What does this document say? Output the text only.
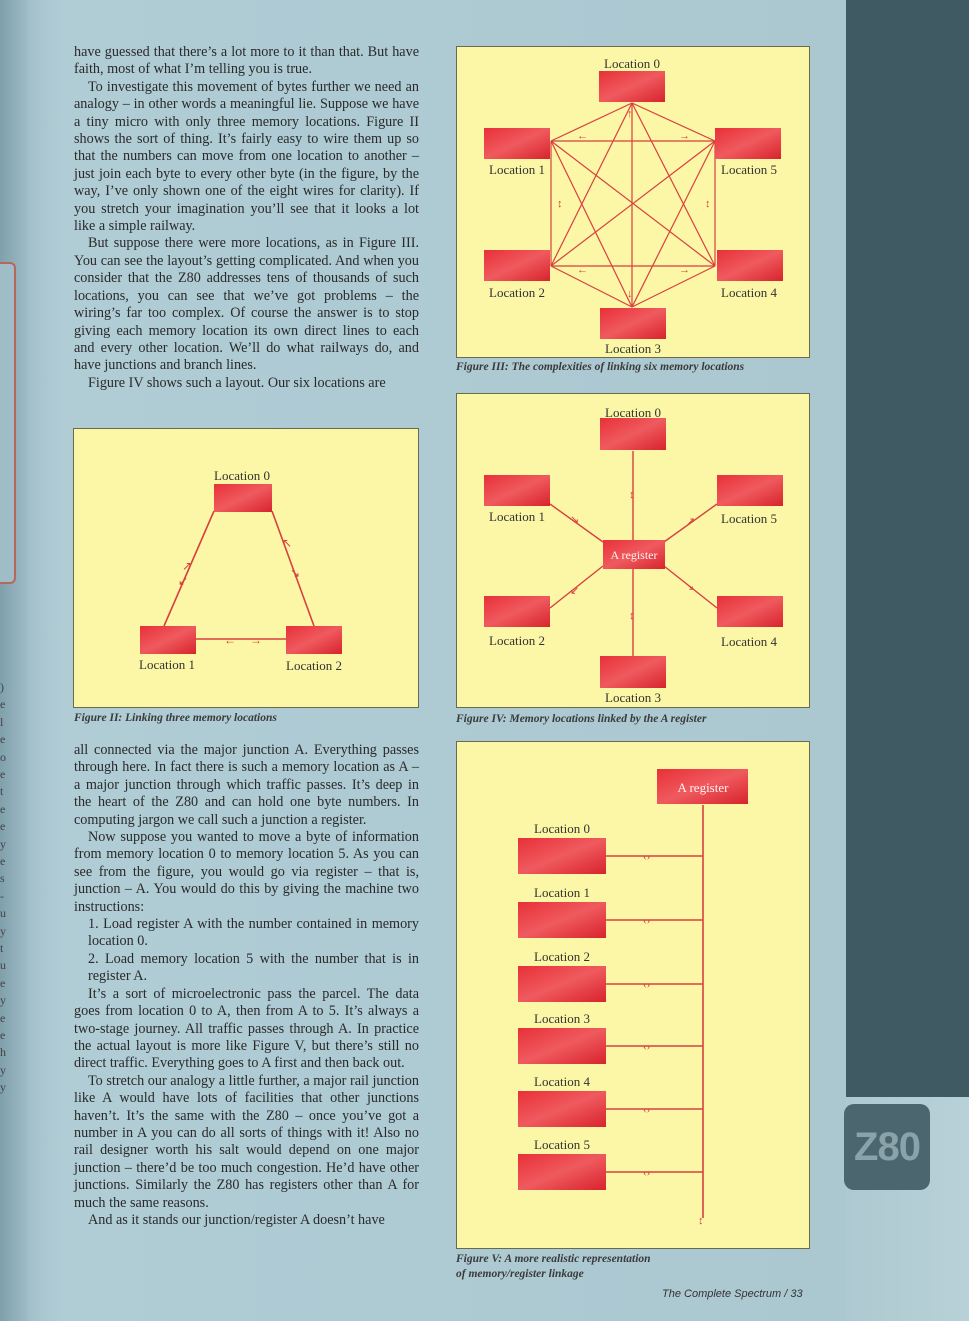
Z80
)
e
l
e
o
e
t
e
e
y
e
s
-
u
y
t
u
e
y
e
e
h
y
y

have guessed that there’s a lot more to it than that. But have faith, most of what I’m telling you is true.

To investigate this movement of bytes further we need an analogy – in other words a meaningful lie. Suppose we have a tiny micro with only three memory locations. Figure II shows the sort of thing. It’s fairly easy to wire them up so that the numbers can move from one location to another – just join each byte to every other byte (in the figure, by the way, I’ve only shown one of the eight wires for clarity). If you stretch your imagination you’ll see that it looks a lot like a simple railway.

But suppose there were more locations, as in Figure III. You can see the layout’s getting complicated. And when you consider that the Z80 addresses tens of thousands of such locations, you can see that we’ve got problems – the wiring’s far too complex. Of course the answer is to stop giving each memory location its own direct lines to each and every other location. We’ll do what railways do, and have junctions and branch lines.

Figure IV shows such a layout. Our six locations are

all connected via the major junction A. Everything passes through here. In fact there is such a memory location as A – a major junction through which traffic passes. It’s deep in the heart of the Z80 and can hold one byte numbers. In computing jargon we call such a junction a register.

Now suppose you wanted to move a byte of information from memory location 0 to memory location 5. As you can see from the figure, you would go via register – that is, junction – A. You would do this by giving the machine two instructions:

1. Load register A with the number contained in memory location 0.

2. Load memory location 5 with the number that is in register A.

It’s a sort of microelectronic pass the parcel. The data goes from location 0 to A, then from A to 5. It’s always a two-stage journey. All traffic passes through A. In practice the actual layout is more like Figure V, but there’s still no direct traffic. Everything goes to A first and then back out.

To stretch our analogy a little further, a major rail junction like A would have lots of facilities that other junctions haven’t. It’s the same with the Z80 – once you’ve got a number in A you can do all sorts of things with it! Also no rail designer worth his salt would depend on one major junction – there’d be too much congestion. He’d have other junctions. Similarly the Z80 has registers other than A for much the same reasons.

And as it stands our junction/register A doesn’t have

↗
↙
↖
↘
← →
Location 0
Location 1	Location 2
Figure II: Linking three memory locations
↑
←	→
↕	↕
↓
←	→
Location 0
Location 1	Location 5
Location 2	Location 4
Location 3
Figure III: The complexities of linking six memory locations
↕
↕
↘	↗
↙	↘
Location 0
Location 1	Location 5
A register
Location 2	Location 4
Location 3
Figure IV: Memory locations linked by the A register
‹›
‹›
‹›
‹›
‹›
‹›
↕
A register
Location 0
Location 1
Location 2
Location 3
Location 4
Location 5
Figure V: A more realistic representation
of memory/register linkage
The Complete Spectrum / 33
